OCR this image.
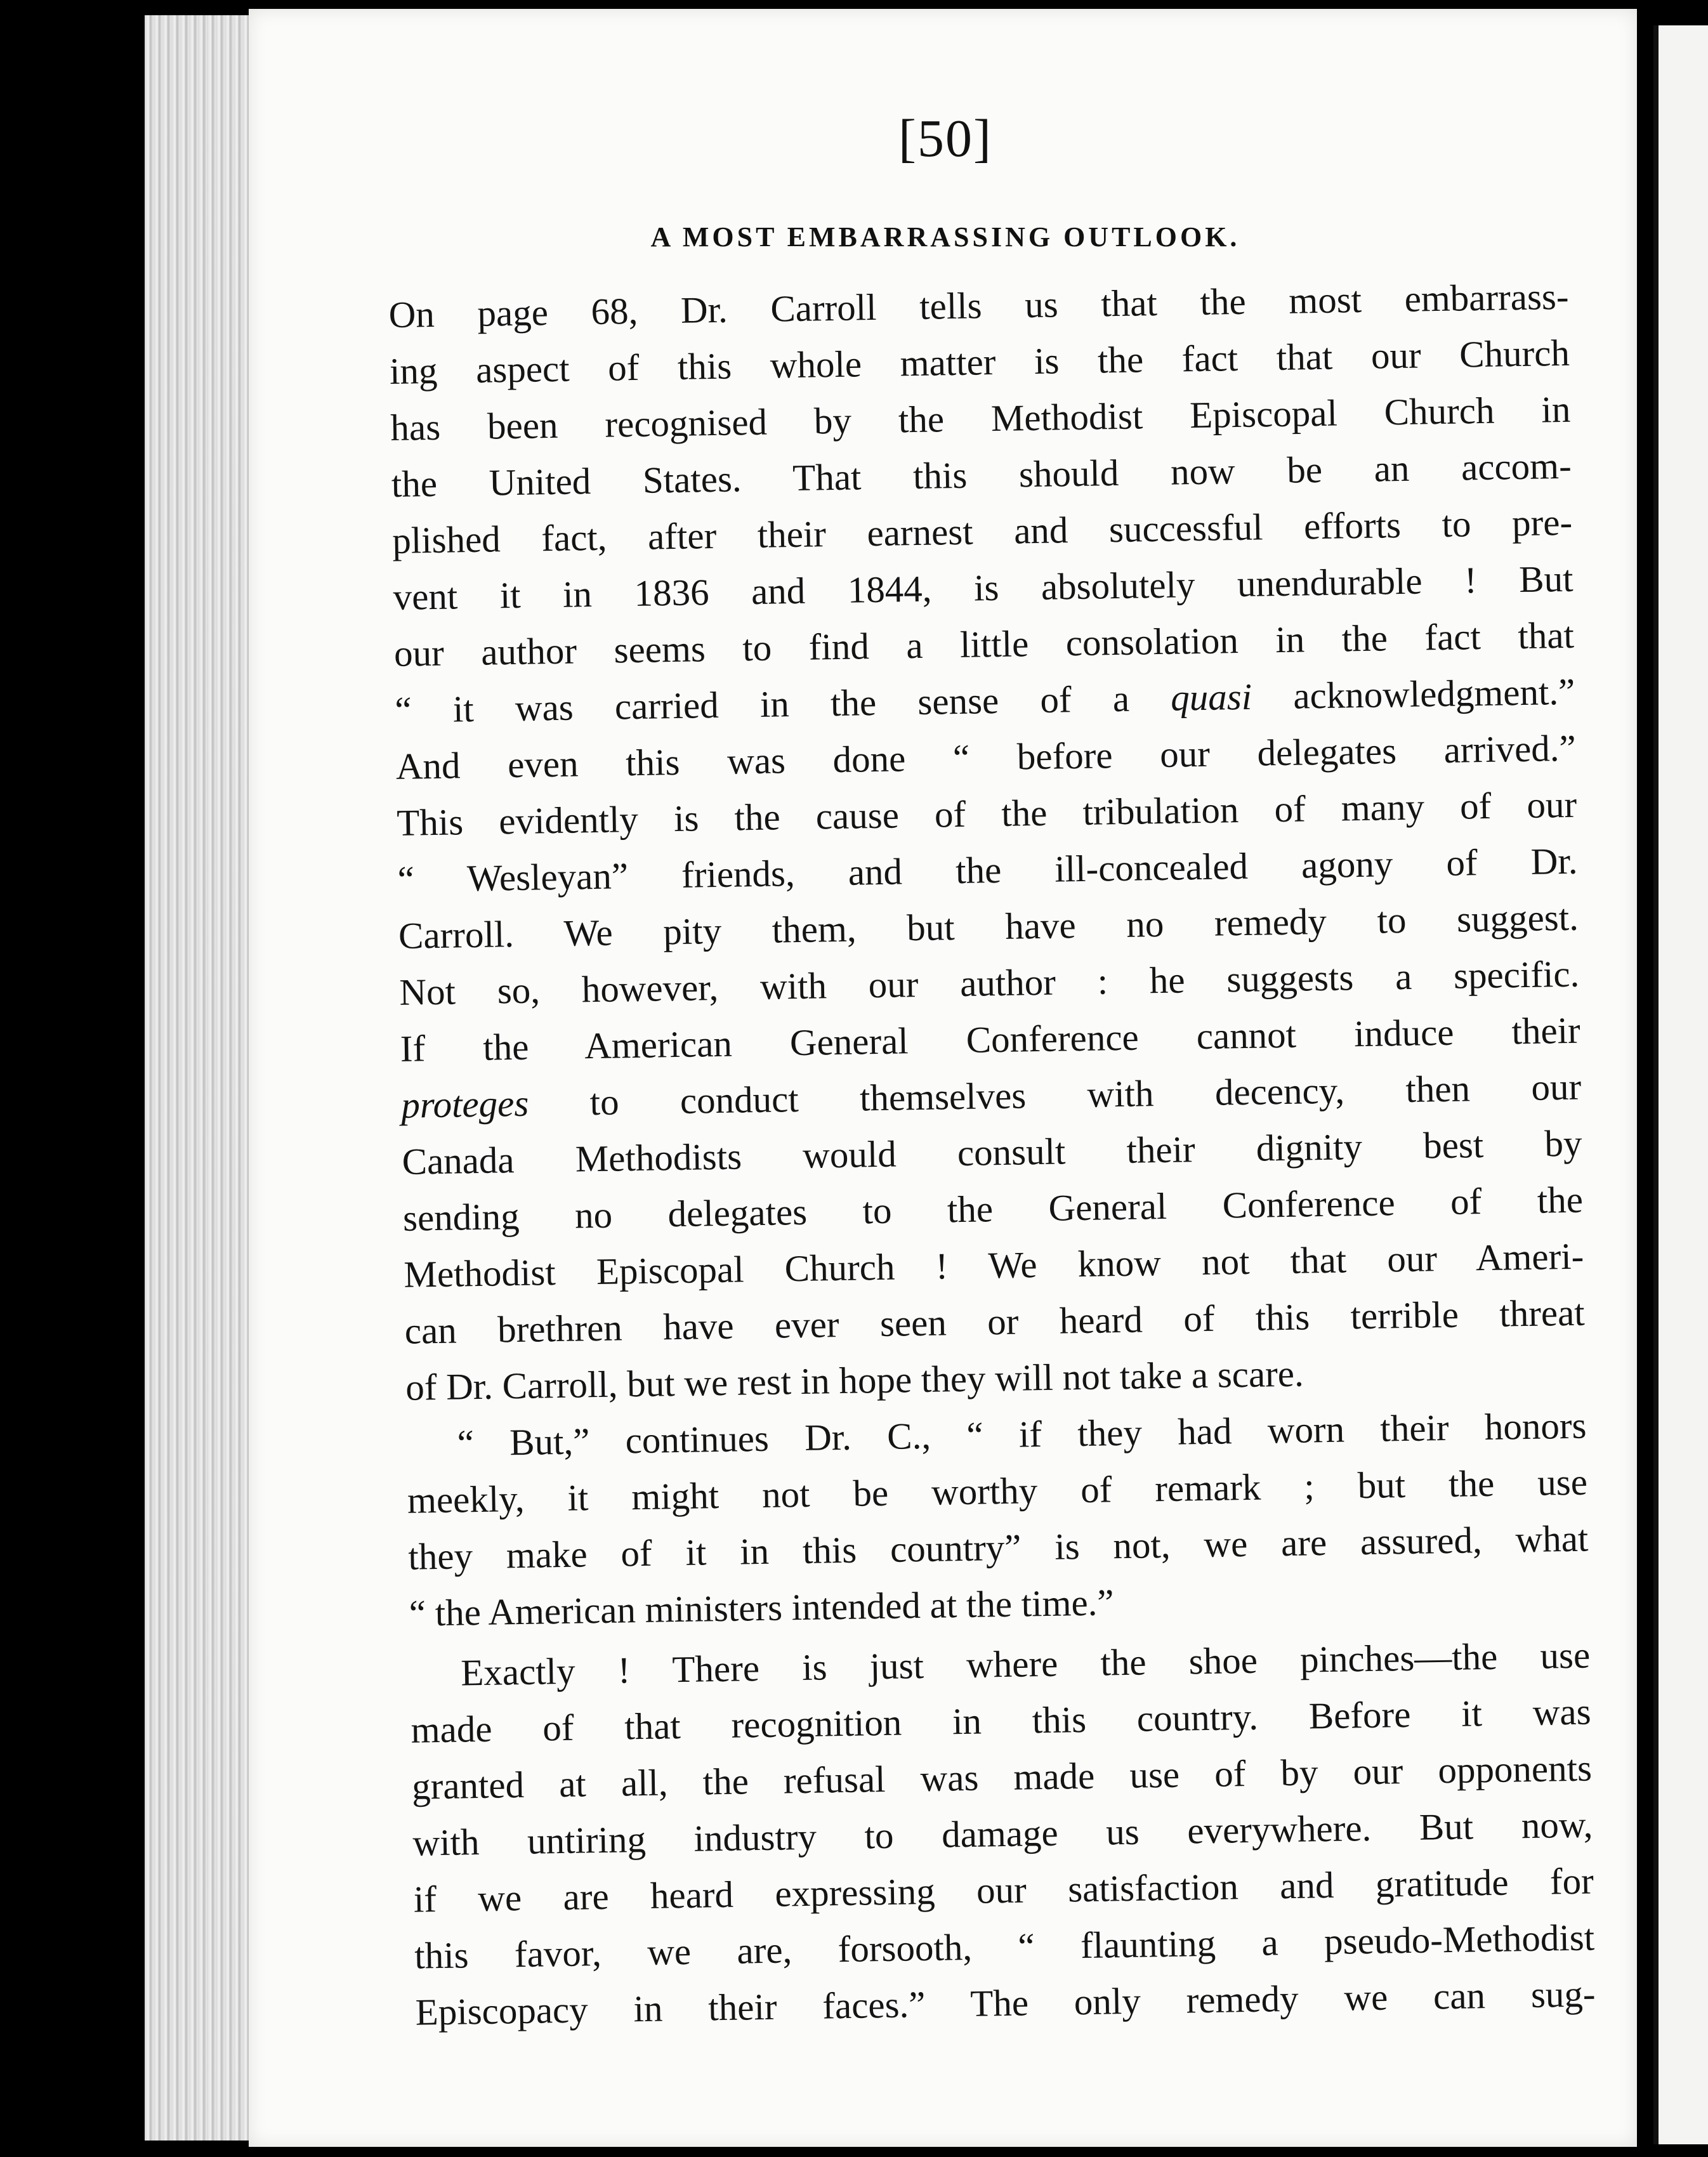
[50]
A MOST EMBARRASSING OUTLOOK.

On page 68, Dr. Carroll tells us that the most embarrass-

ing aspect of this whole matter is the fact that our Church

has been recognised by the Methodist Episcopal Church in

the United States. That this should now be an accom-

plished fact, after their earnest and successful efforts to pre-

vent it in 1836 and 1844, is absolutely unendurable ! But

our author seems to find a little consolation in the fact that

“ it was carried in the sense of a quasi acknowledgment.”

And even this was done “ before our delegates arrived.”

This evidently is the cause of the tribulation of many of our

“ Wesleyan” friends, and the ill-concealed agony of Dr.

Carroll. We pity them, but have no remedy to suggest.

Not so, however, with our author : he suggests a specific.

If the American General Conference cannot induce their

proteges to conduct themselves with decency, then our

Canada Methodists would consult their dignity best by

sending no delegates to the General Conference of the

Methodist Episcopal Church ! We know not that our Ameri-

can brethren have ever seen or heard of this terrible threat

of Dr. Carroll, but we rest in hope they will not take a scare.

“ But,” continues Dr. C., “ if they had worn their honors

meekly, it might not be worthy of remark ; but the use

they make of it in this country” is not, we are assured, what

“ the American ministers intended at the time.”

Exactly ! There is just where the shoe pinches—the use

made of that recognition in this country. Before it was

granted at all, the refusal was made use of by our opponents

with untiring industry to damage us everywhere. But now,

if we are heard expressing our satisfaction and gratitude for

this favor, we are, forsooth, “ flaunting a pseudo-Methodist

Episcopacy in their faces.” The only remedy we can sug-
